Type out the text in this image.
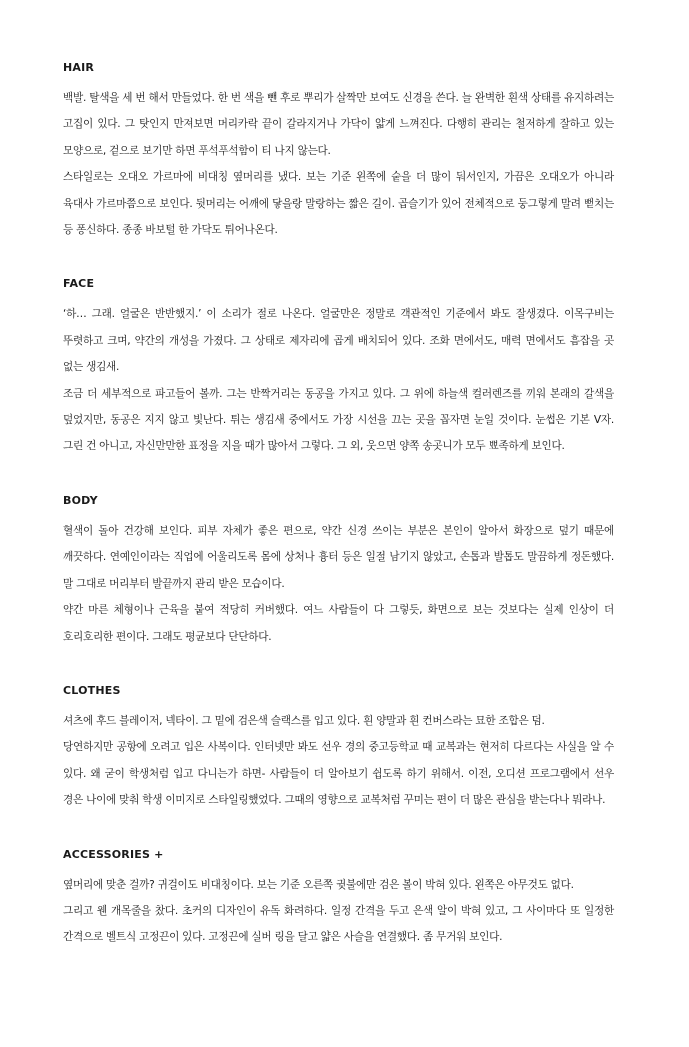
HAIR

백발. 탈색을 세 번 해서 만들었다. 한 번 색을 뺀 후로 뿌리가 살짝만 보여도 신경을 쓴다. 늘 완벽한 흰색 상태를 유지하려는 고집이 있다. 그 탓인지 만져보면 머리카락 끝이 갈라지거나 가닥이 얇게 느껴진다. 다행히 관리는 철저하게 잘하고 있는 모양으로, 겉으로 보기만 하면 푸석푸석함이 티 나지 않는다.

스타일로는 오대오 가르마에 비대칭 옆머리를 냈다. 보는 기준 왼쪽에 숱을 더 많이 둬서인지, 가끔은 오대오가 아니라 육대사 가르마쯤으로 보인다. 뒷머리는 어깨에 닿을랑 말랑하는 짧은 길이. 곱슬기가 있어 전체적으로 둥그렇게 말려 뻗치는 등 퐁신하다. 종종 바보털 한 가닥도 튀어나온다.

FACE

‘하… 그래. 얼굴은 반반했지.’ 이 소리가 절로 나온다. 얼굴만은 정말로 객관적인 기준에서 봐도 잘생겼다. 이목구비는 뚜렷하고 크며, 약간의 개성을 가졌다. 그 상태로 제자리에 곱게 배치되어 있다. 조화 면에서도, 매력 면에서도 흠잡을 곳 없는 생김새.

조금 더 세부적으로 파고들어 볼까. 그는 반짝거리는 동공을 가지고 있다. 그 위에 하늘색 컬러렌즈를 끼워 본래의 갈색을 덮었지만, 동공은 지지 않고 빛난다. 튀는 생김새 중에서도 가장 시선을 끄는 곳을 꼽자면 눈일 것이다. 눈썹은 기본 V자. 그린 건 아니고, 자신만만한 표정을 지을 때가 많아서 그렇다. 그 외, 웃으면 양쪽 송곳니가 모두 뾰족하게 보인다.

BODY

혈색이 돌아 건강해 보인다. 피부 자체가 좋은 편으로, 약간 신경 쓰이는 부분은 본인이 알아서 화장으로 덮기 때문에 깨끗하다. 연예인이라는 직업에 어울리도록 몸에 상처나 흉터 등은 일절 남기지 않았고, 손톱과 발톱도 말끔하게 정돈했다. 말 그대로 머리부터 발끝까지 관리 받은 모습이다.

약간 마른 체형이나 근육을 붙여 적당히 커버했다. 여느 사람들이 다 그렇듯, 화면으로 보는 것보다는 실제 인상이 더 호리호리한 편이다. 그래도 평균보다 단단하다.

CLOTHES

셔츠에 후드 블레이저, 넥타이. 그 밑에 검은색 슬랙스를 입고 있다. 흰 양말과 흰 컨버스라는 묘한 조합은 덤.

당연하지만 공항에 오려고 입은 사복이다. 인터넷만 봐도 선우 경의 중고등학교 때 교복과는 현저히 다르다는 사실을 알 수 있다. 왜 굳이 학생처럼 입고 다니는가 하면- 사람들이 더 알아보기 쉽도록 하기 위해서. 이전, 오디션 프로그램에서 선우 경은 나이에 맞춰 학생 이미지로 스타일링했었다. 그때의 영향으로 교복처럼 꾸미는 편이 더 많은 관심을 받는다나 뭐라나.

ACCESSORIES +

옆머리에 맞춘 걸까? 귀걸이도 비대칭이다. 보는 기준 오른쪽 귓불에만 검은 볼이 박혀 있다. 왼쪽은 아무것도 없다.

그리고 웬 개목줄을 찼다. 초커의 디자인이 유독 화려하다. 일정 간격을 두고 은색 알이 박혀 있고, 그 사이마다 또 일정한 간격으로 벨트식 고정끈이 있다. 고정끈에 실버 링을 달고 얇은 사슬을 연결했다. 좀 무거워 보인다.
